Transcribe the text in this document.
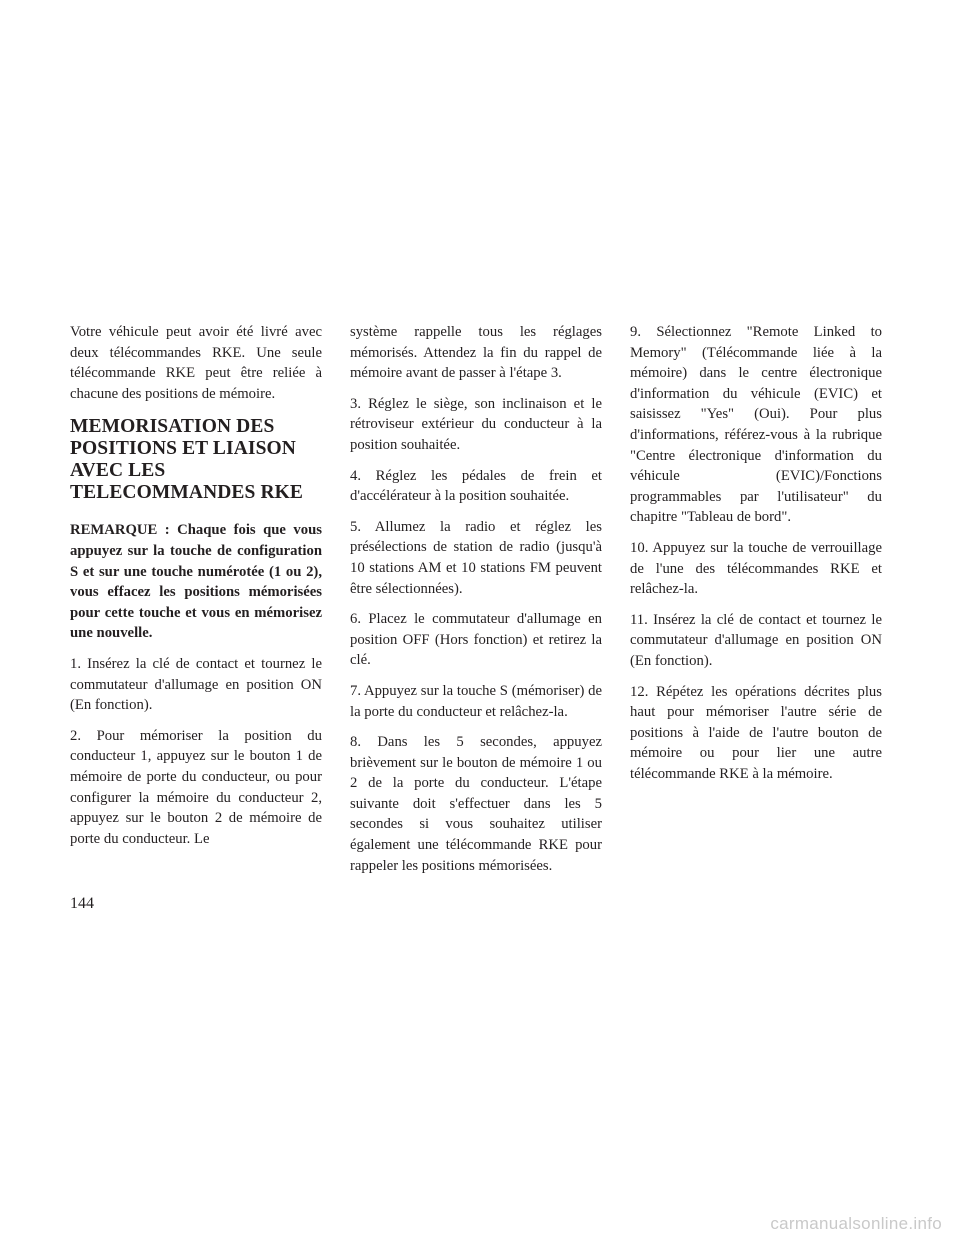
Votre véhicule peut avoir été livré avec deux télécommandes RKE. Une seule télécommande RKE peut être reliée à chacune des positions de mémoire.

MEMORISATION DES
POSITIONS ET LIAISON
AVEC LES
TELECOMMANDES RKE

REMARQUE : Chaque fois que vous appuyez sur la touche de configuration S et sur une touche numérotée (1 ou 2), vous effacez les positions mémorisées pour cette touche et vous en mémorisez une nouvelle.

1. Insérez la clé de contact et tournez le commutateur d'allumage en position ON (En fonction).

2. Pour mémoriser la position du conducteur 1, appuyez sur le bouton 1 de mémoire de porte du conducteur, ou pour configurer la mémoire du conducteur 2, appuyez sur le bouton 2 de mémoire de porte du conducteur. Le

système rappelle tous les réglages mémorisés. Attendez la fin du rappel de mémoire avant de passer à l'étape 3.

3. Réglez le siège, son inclinaison et le rétroviseur extérieur du conducteur à la position souhaitée.

4. Réglez les pédales de frein et d'accélérateur à la position souhaitée.

5. Allumez la radio et réglez les présélections de station de radio (jusqu'à 10 stations AM et 10 stations FM peuvent être sélectionnées).

6. Placez le commutateur d'allumage en position OFF (Hors fonction) et retirez la clé.

7. Appuyez sur la touche S (mémoriser) de la porte du conducteur et relâchez-la.

8. Dans les 5 secondes, appuyez brièvement sur le bouton de mémoire 1 ou 2 de la porte du conducteur. L'étape suivante doit s'effectuer dans les 5 secondes si vous souhaitez utiliser également une télécommande RKE pour rappeler les positions mémorisées.

9. Sélectionnez "Remote Linked to Memory" (Télécommande liée à la mémoire) dans le centre électronique d'information du véhicule (EVIC) et saisissez "Yes" (Oui). Pour plus d'informations, référez-vous à la rubrique "Centre électronique d'information du véhicule (EVIC)/Fonctions programmables par l'utilisateur" du chapitre "Tableau de bord".

10. Appuyez sur la touche de verrouillage de l'une des télécommandes RKE et relâchez-la.

11. Insérez la clé de contact et tournez le commutateur d'allumage en position ON (En fonction).

12. Répétez les opérations décrites plus haut pour mémoriser l'autre série de positions à l'aide de l'autre bouton de mémoire ou pour lier une autre télécommande RKE à la mémoire.

144
carmanualsonline.info
